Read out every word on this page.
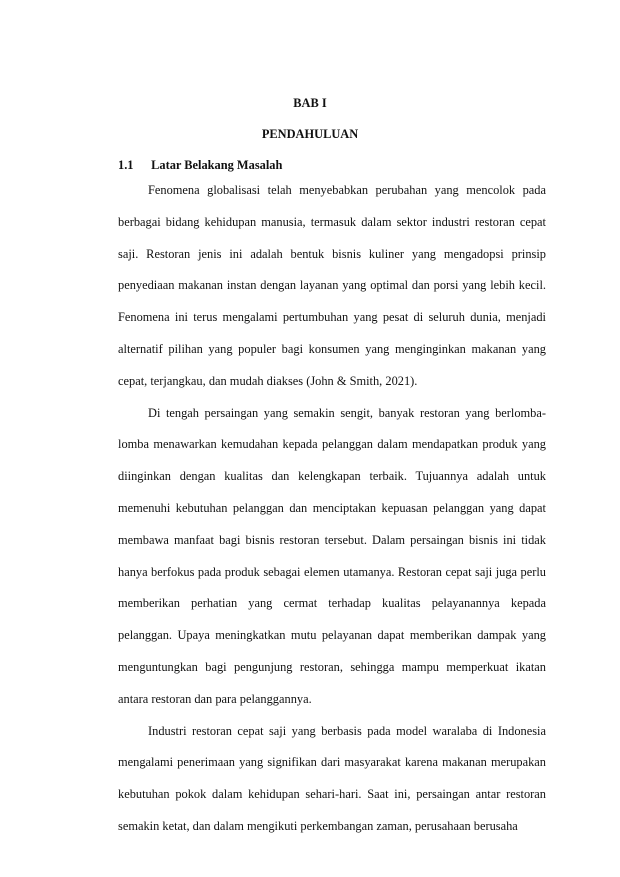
BAB I
PENDAHULUAN
1.1 Latar Belakang Masalah
Fenomena globalisasi telah menyebabkan perubahan yang mencolok pada
berbagai bidang kehidupan manusia, termasuk dalam sektor industri restoran cepat
saji. Restoran jenis ini adalah bentuk bisnis kuliner yang mengadopsi prinsip
penyediaan makanan instan dengan layanan yang optimal dan porsi yang lebih kecil.
Fenomena ini terus mengalami pertumbuhan yang pesat di seluruh dunia, menjadi
alternatif pilihan yang populer bagi konsumen yang menginginkan makanan yang
cepat, terjangkau, dan mudah diakses (John & Smith, 2021).
Di tengah persaingan yang semakin sengit, banyak restoran yang berlomba-
lomba menawarkan kemudahan kepada pelanggan dalam mendapatkan produk yang
diinginkan dengan kualitas dan kelengkapan terbaik. Tujuannya adalah untuk
memenuhi kebutuhan pelanggan dan menciptakan kepuasan pelanggan yang dapat
membawa manfaat bagi bisnis restoran tersebut. Dalam persaingan bisnis ini tidak
hanya berfokus pada produk sebagai elemen utamanya. Restoran cepat saji juga perlu
memberikan perhatian yang cermat terhadap kualitas pelayanannya kepada
pelanggan. Upaya meningkatkan mutu pelayanan dapat memberikan dampak yang
menguntungkan bagi pengunjung restoran, sehingga mampu memperkuat ikatan
antara restoran dan para pelanggannya.
Industri restoran cepat saji yang berbasis pada model waralaba di Indonesia
mengalami penerimaan yang signifikan dari masyarakat karena makanan merupakan
kebutuhan pokok dalam kehidupan sehari-hari. Saat ini, persaingan antar restoran
semakin ketat, dan dalam mengikuti perkembangan zaman, perusahaan berusaha
